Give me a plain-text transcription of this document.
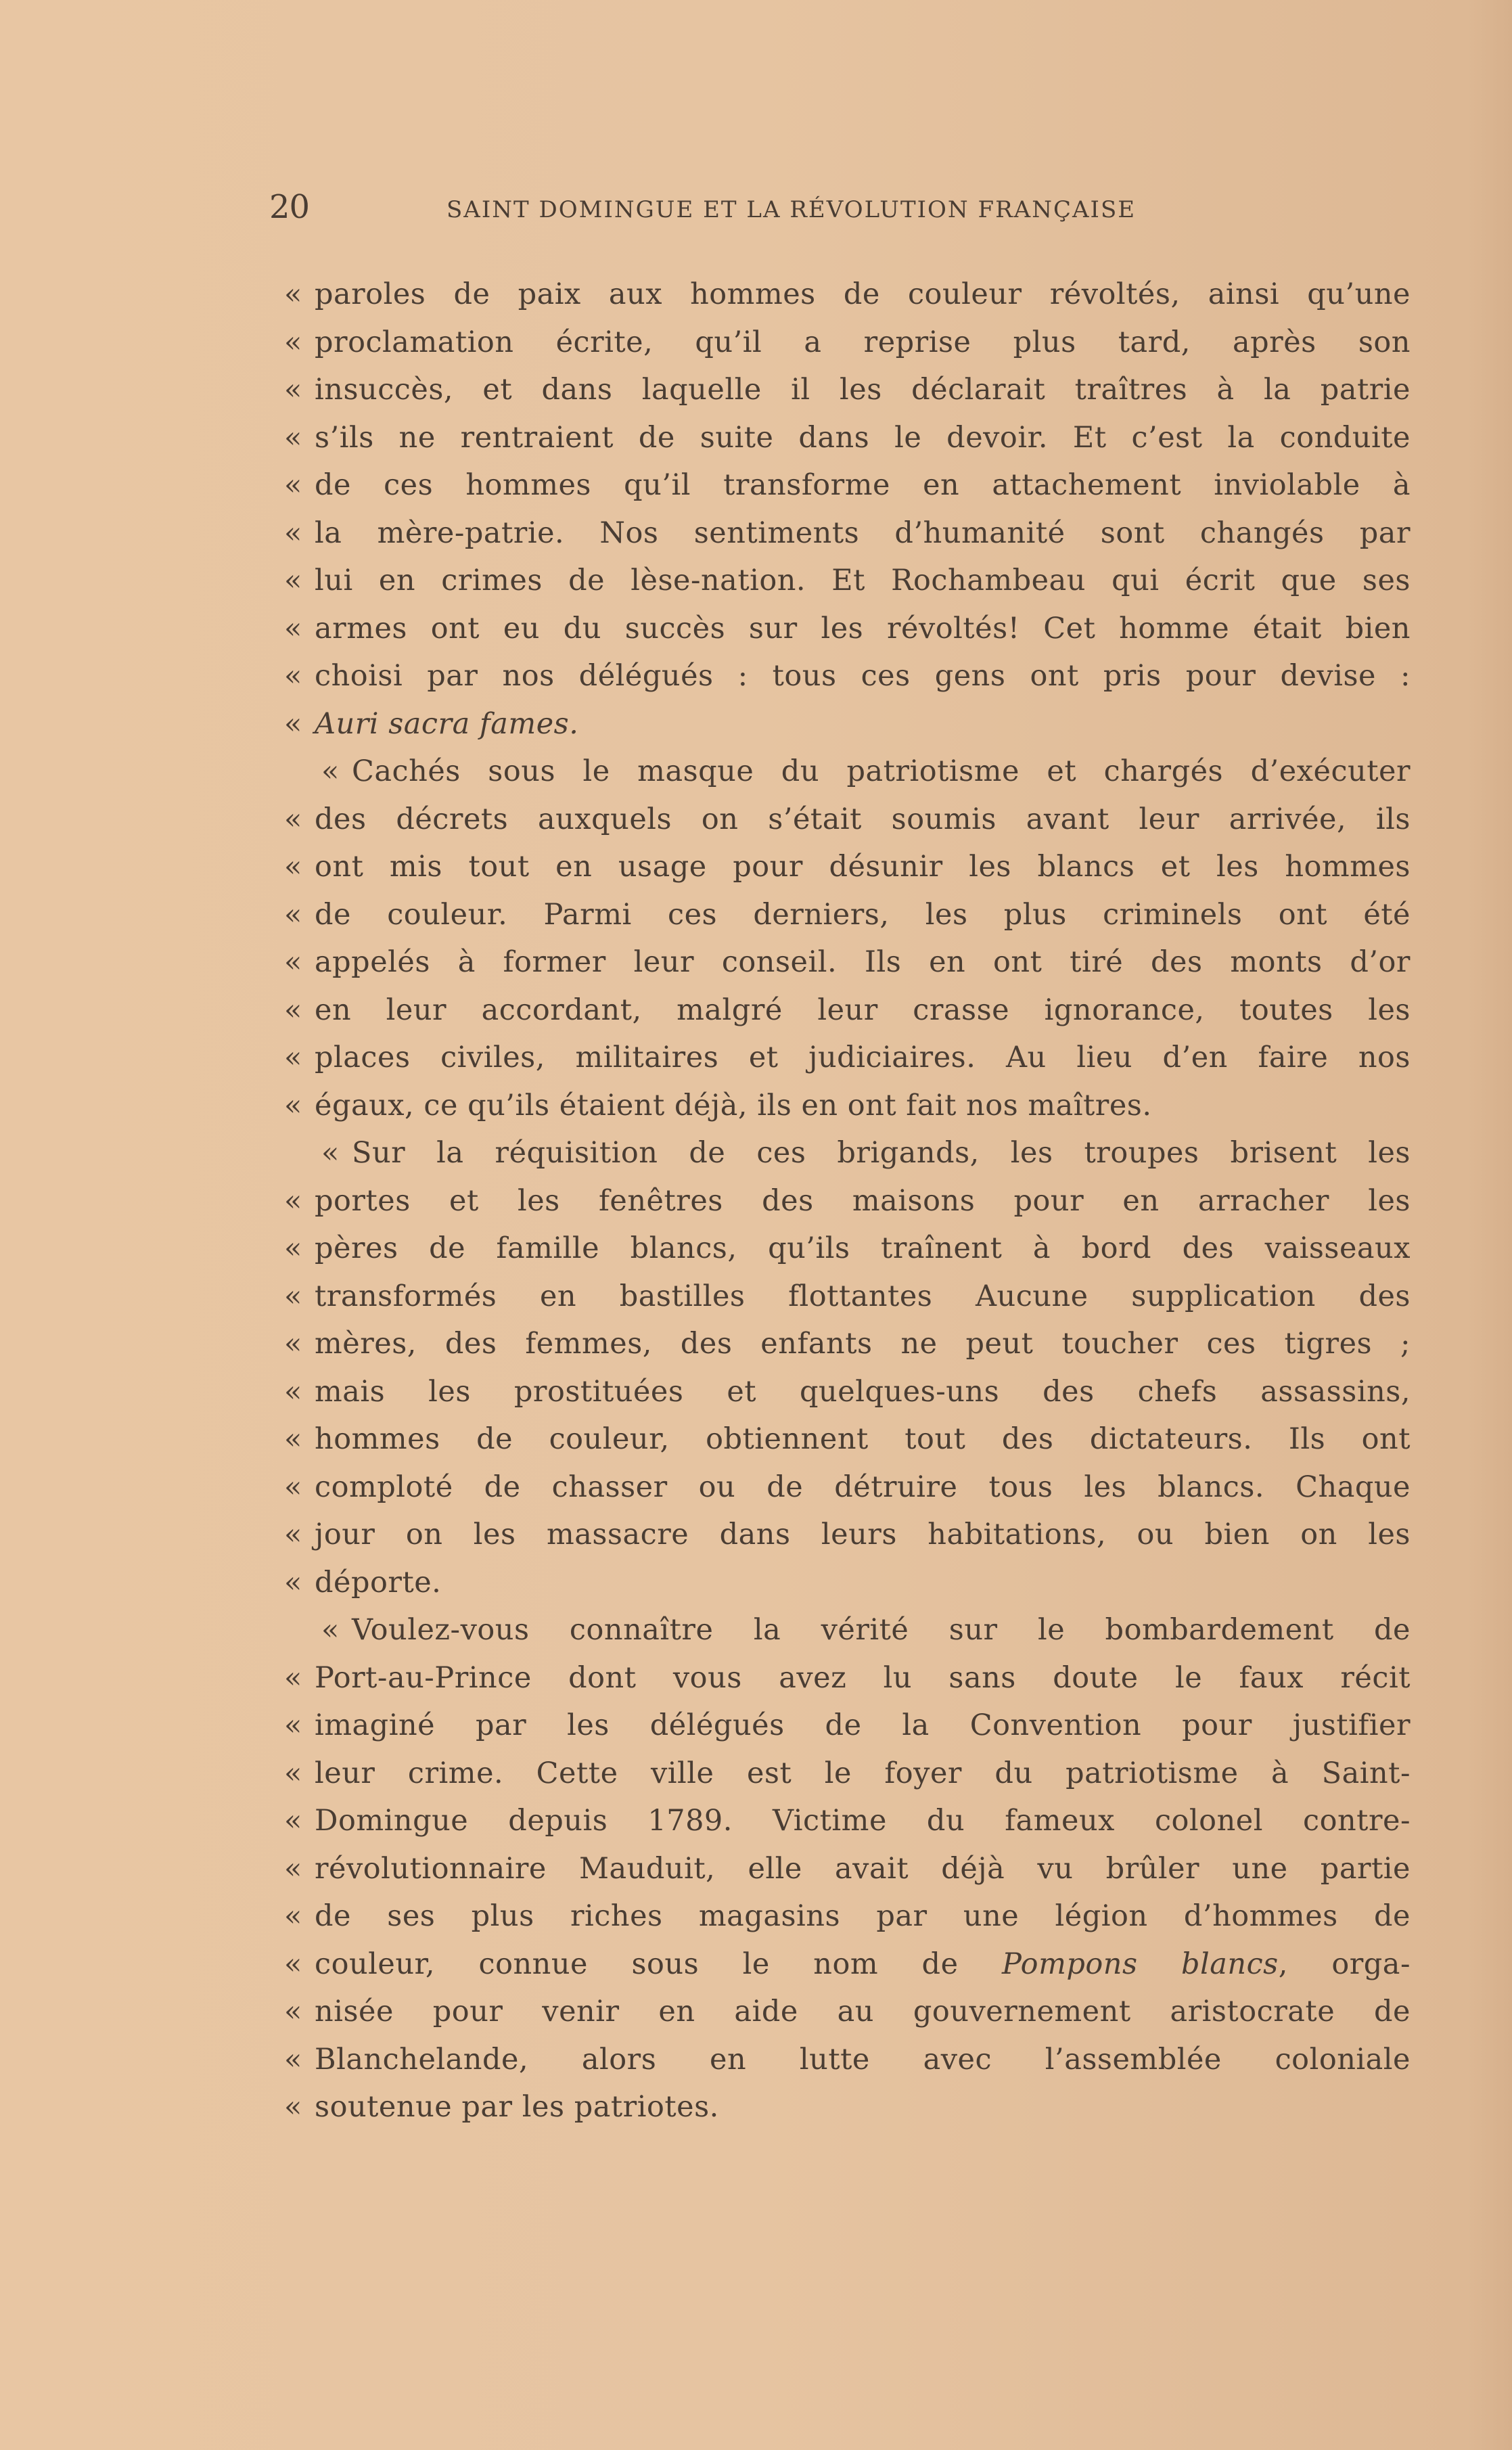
20	SAINT DOMINGUE ET LA RÉVOLUTION FRANÇAISE
« paroles de paix aux hommes de couleur révoltés, ainsi qu’une
« proclamation écrite, qu’il a reprise plus tard, après son
« insuccès, et dans laquelle il les déclarait traîtres à la patrie
« s’ils ne rentraient de suite dans le devoir. Et c’est la conduite
« de ces hommes qu’il transforme en attachement inviolable à
« la mère-patrie. Nos sentiments d’humanité sont changés par
« lui en crimes de lèse-nation. Et Rochambeau qui écrit que ses
« armes ont eu du succès sur les révoltés! Cet homme était bien
« choisi par nos délégués : tous ces gens ont pris pour devise :
« Auri sacra fames.
« Cachés sous le masque du patriotisme et chargés d’exécuter
« des décrets auxquels on s’était soumis avant leur arrivée, ils
« ont mis tout en usage pour désunir les blancs et les hommes
« de couleur. Parmi ces derniers, les plus criminels ont été
« appelés à former leur conseil. Ils en ont tiré des monts d’or
« en leur accordant, malgré leur crasse ignorance, toutes les
« places civiles, militaires et judiciaires. Au lieu d’en faire nos
« égaux, ce qu’ils étaient déjà, ils en ont fait nos maîtres.
« Sur la réquisition de ces brigands, les troupes brisent les
« portes et les fenêtres des maisons pour en arracher les
« pères de famille blancs, qu’ils traînent à bord des vaisseaux
« transformés en bastilles flottantes Aucune supplication des
« mères, des femmes, des enfants ne peut toucher ces tigres ;
« mais les prostituées et quelques-uns des chefs assassins,
« hommes de couleur, obtiennent tout des dictateurs. Ils ont
« comploté de chasser ou de détruire tous les blancs. Chaque
« jour on les massacre dans leurs habitations, ou bien on les
« déporte.
« Voulez-vous connaître la vérité sur le bombardement de
« Port-au-Prince dont vous avez lu sans doute le faux récit
« imaginé par les délégués de la Convention pour justifier
« leur crime. Cette ville est le foyer du patriotisme à Saint-
« Domingue depuis 1789. Victime du fameux colonel contre-
« révolutionnaire Mauduit, elle avait déjà vu brûler une partie
« de ses plus riches magasins par une légion d’hommes de
« couleur, connue sous le nom de Pompons blancs, orga-
« nisée pour venir en aide au gouvernement aristocrate de
« Blanchelande, alors en lutte avec l’assemblée coloniale
« soutenue par les patriotes.
